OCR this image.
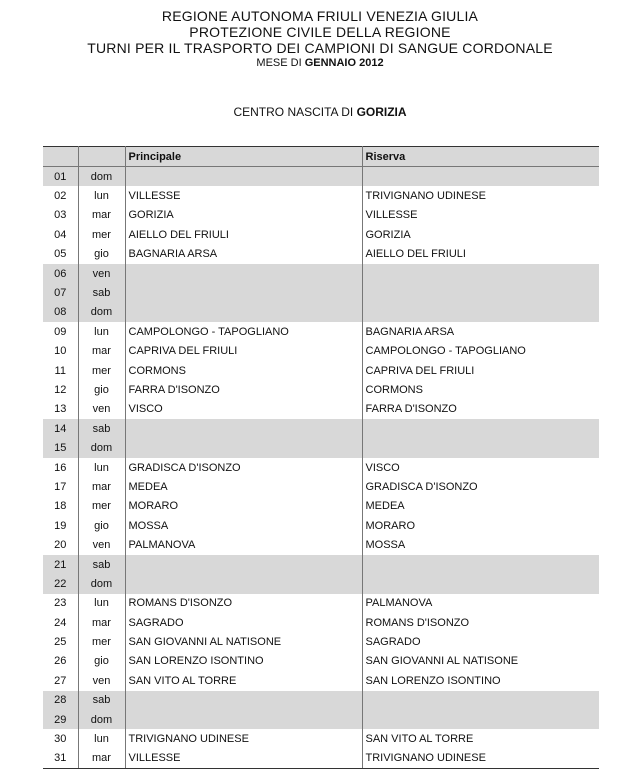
REGIONE AUTONOMA FRIULI VENEZIA GIULIA
PROTEZIONE CIVILE DELLA REGIONE
TURNI PER IL TRASPORTO DEI CAMPIONI DI SANGUE CORDONALE
MESE DI GENNAIO 2012
CENTRO NASCITA DI GORIZIA
		Principale	Riserva
01	dom		
02	lun	VILLESSE	TRIVIGNANO UDINESE
03	mar	GORIZIA	VILLESSE
04	mer	AIELLO DEL FRIULI	GORIZIA
05	gio	BAGNARIA ARSA	AIELLO DEL FRIULI
06	ven		
07	sab		
08	dom		
09	lun	CAMPOLONGO - TAPOGLIANO	BAGNARIA ARSA
10	mar	CAPRIVA DEL FRIULI	CAMPOLONGO - TAPOGLIANO
11	mer	CORMONS	CAPRIVA DEL FRIULI
12	gio	FARRA D'ISONZO	CORMONS
13	ven	VISCO	FARRA D'ISONZO
14	sab		
15	dom		
16	lun	GRADISCA D'ISONZO	VISCO
17	mar	MEDEA	GRADISCA D'ISONZO
18	mer	MORARO	MEDEA
19	gio	MOSSA	MORARO
20	ven	PALMANOVA	MOSSA
21	sab		
22	dom		
23	lun	ROMANS D'ISONZO	PALMANOVA
24	mar	SAGRADO	ROMANS D'ISONZO
25	mer	SAN GIOVANNI AL NATISONE	SAGRADO
26	gio	SAN LORENZO ISONTINO	SAN GIOVANNI AL NATISONE
27	ven	SAN VITO AL TORRE	SAN LORENZO ISONTINO
28	sab		
29	dom		
30	lun	TRIVIGNANO UDINESE	SAN VITO AL TORRE
31	mar	VILLESSE	TRIVIGNANO UDINESE
